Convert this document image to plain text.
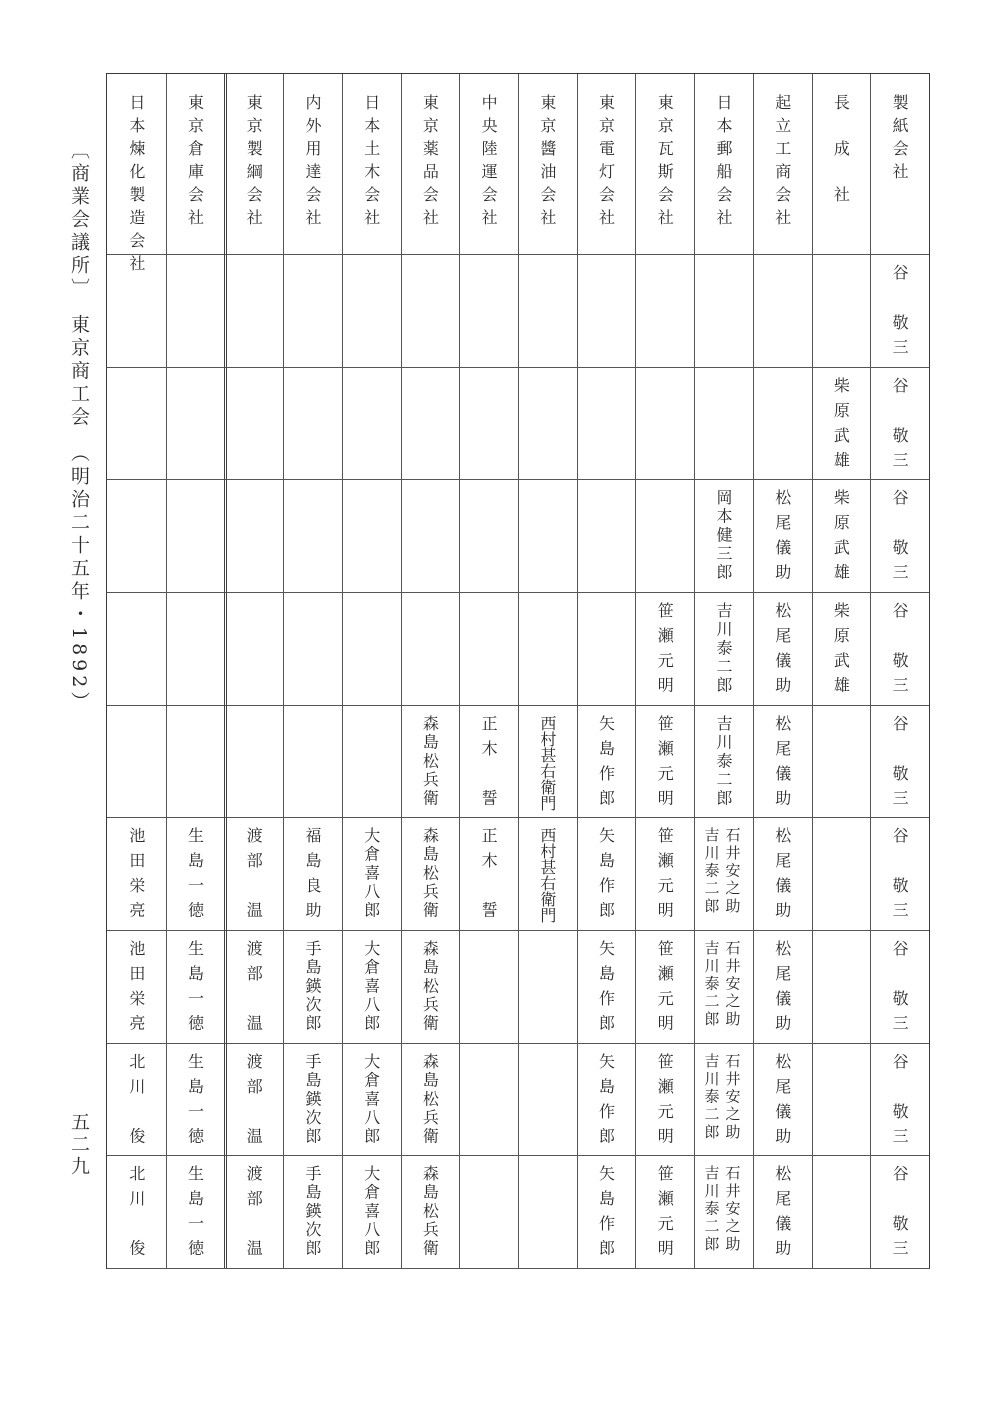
〔商業会議所〕　東京商工会　（明治二十五年・1892）
五二九
製紙会社
谷　敬三
谷　敬三
谷　敬三
谷　敬三
谷　敬三
谷　敬三
谷　敬三
谷　敬三
谷　敬三
長　成　社
柴原武雄
柴原武雄
柴原武雄
起立工商会社
松尾儀助
松尾儀助
松尾儀助
松尾儀助
松尾儀助
松尾儀助
松尾儀助
日本郵船会社
岡本健三郎
吉川泰二郎
吉川泰二郎
吉川泰二郎 石井安之助
吉川泰二郎 石井安之助
吉川泰二郎 石井安之助
吉川泰二郎 石井安之助
東京瓦斯会社
笹瀬元明
笹瀬元明
笹瀬元明
笹瀬元明
笹瀬元明
笹瀬元明
東京電灯会社
矢島作郎
矢島作郎
矢島作郎
矢島作郎
矢島作郎
東京醬油会社
西村甚右衛門
西村甚右衛門
中央陸運会社
正木　誓
正木　誓
東京薬品会社
森島松兵衛
森島松兵衛
森島松兵衛
森島松兵衛
森島松兵衛
日本土木会社
大倉喜八郎
大倉喜八郎
大倉喜八郎
大倉喜八郎
内外用達会社
福島良助
手島鍈次郎
手島鍈次郎
手島鍈次郎
東京製綱会社
渡部　温
渡部　温
渡部　温
渡部　温
東京倉庫会社
生島一徳
生島一徳
生島一徳
生島一徳
日本煉化製造会社
池田栄亮
池田栄亮
北川　俊
北川　俊
